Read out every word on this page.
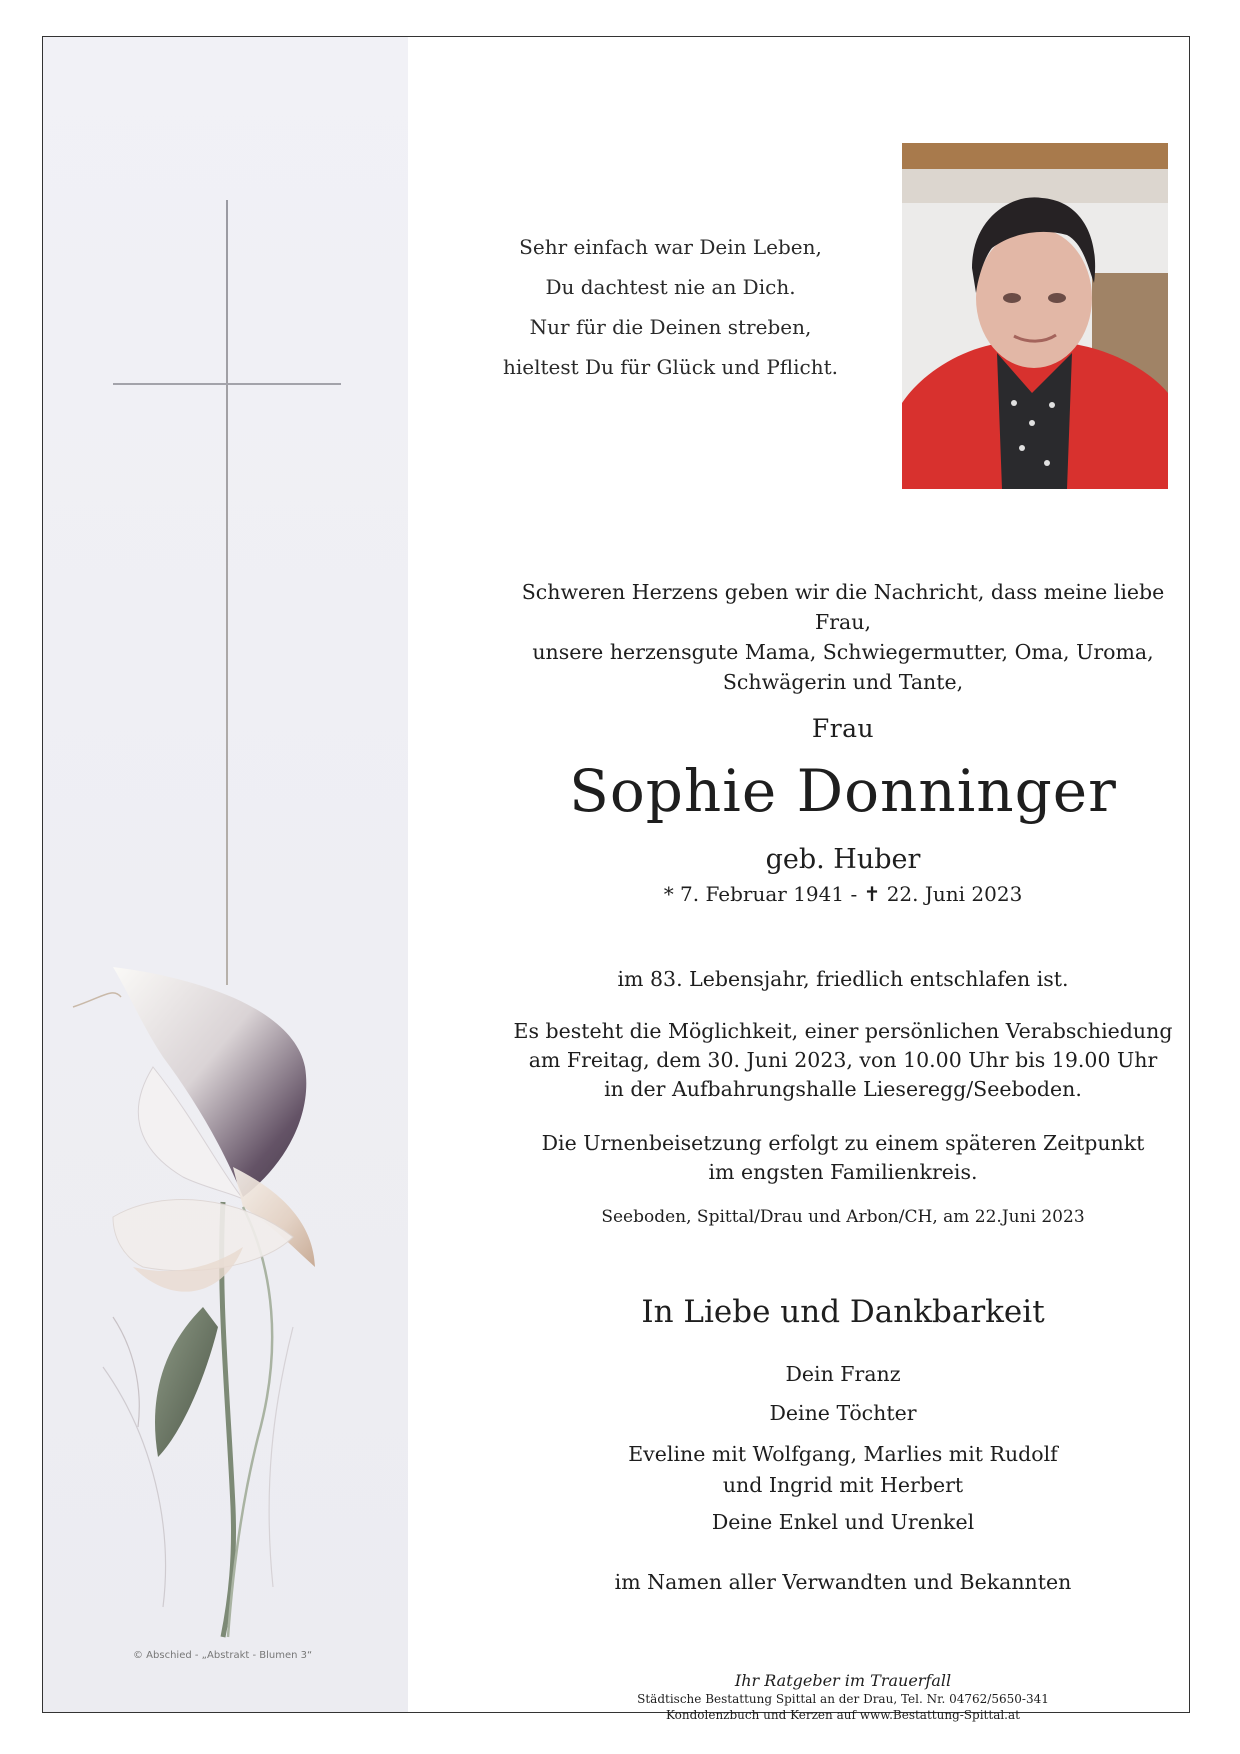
© Abschied - „Abstrakt - Blumen 3“
Sehr einfach war Dein Leben,
Du dachtest nie an Dich.
Nur für die Deinen streben,
hieltest Du für Glück und Pflicht.
Schweren Herzens geben wir die Nachricht, dass meine liebe Frau,
unsere herzensgute Mama, Schwiegermutter, Oma, Uroma,
Schwägerin und Tante,
Frau
Sophie Donninger
geb. Huber
* 7. Februar 1941 - ✝ 22. Juni 2023
im 83. Lebensjahr, friedlich entschlafen ist.
Es besteht die Möglichkeit, einer persönlichen Verabschiedung
am Freitag, dem 30. Juni 2023, von 10.00 Uhr bis 19.00 Uhr
in der Aufbahrungshalle Lieseregg/Seeboden.
Die Urnenbeisetzung erfolgt zu einem späteren Zeitpunkt
im engsten Familienkreis.
Seeboden, Spittal/Drau und Arbon/CH, am 22.Juni 2023
In Liebe und Dankbarkeit
Dein Franz
Deine Töchter
Eveline mit Wolfgang, Marlies mit Rudolf
und Ingrid mit Herbert
Deine Enkel und Urenkel
im Namen aller Verwandten und Bekannten
Ihr Ratgeber im Trauerfall
Städtische Bestattung Spittal an der Drau, Tel. Nr. 04762/5650-341
Kondolenzbuch und Kerzen auf www.Bestattung-Spittal.at
